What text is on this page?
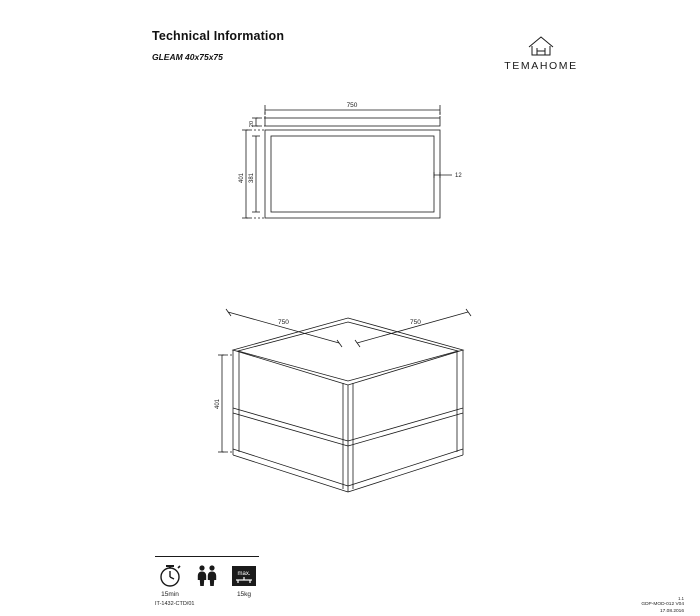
Technical Information
GLEAM 40x75x75
TEMAHOME
750
20
401 381	12
750	750
401
15min
max.
15kg
IT-1432-CTD/01
1.1
GDP-MOD-012 V04
17.08.2016
